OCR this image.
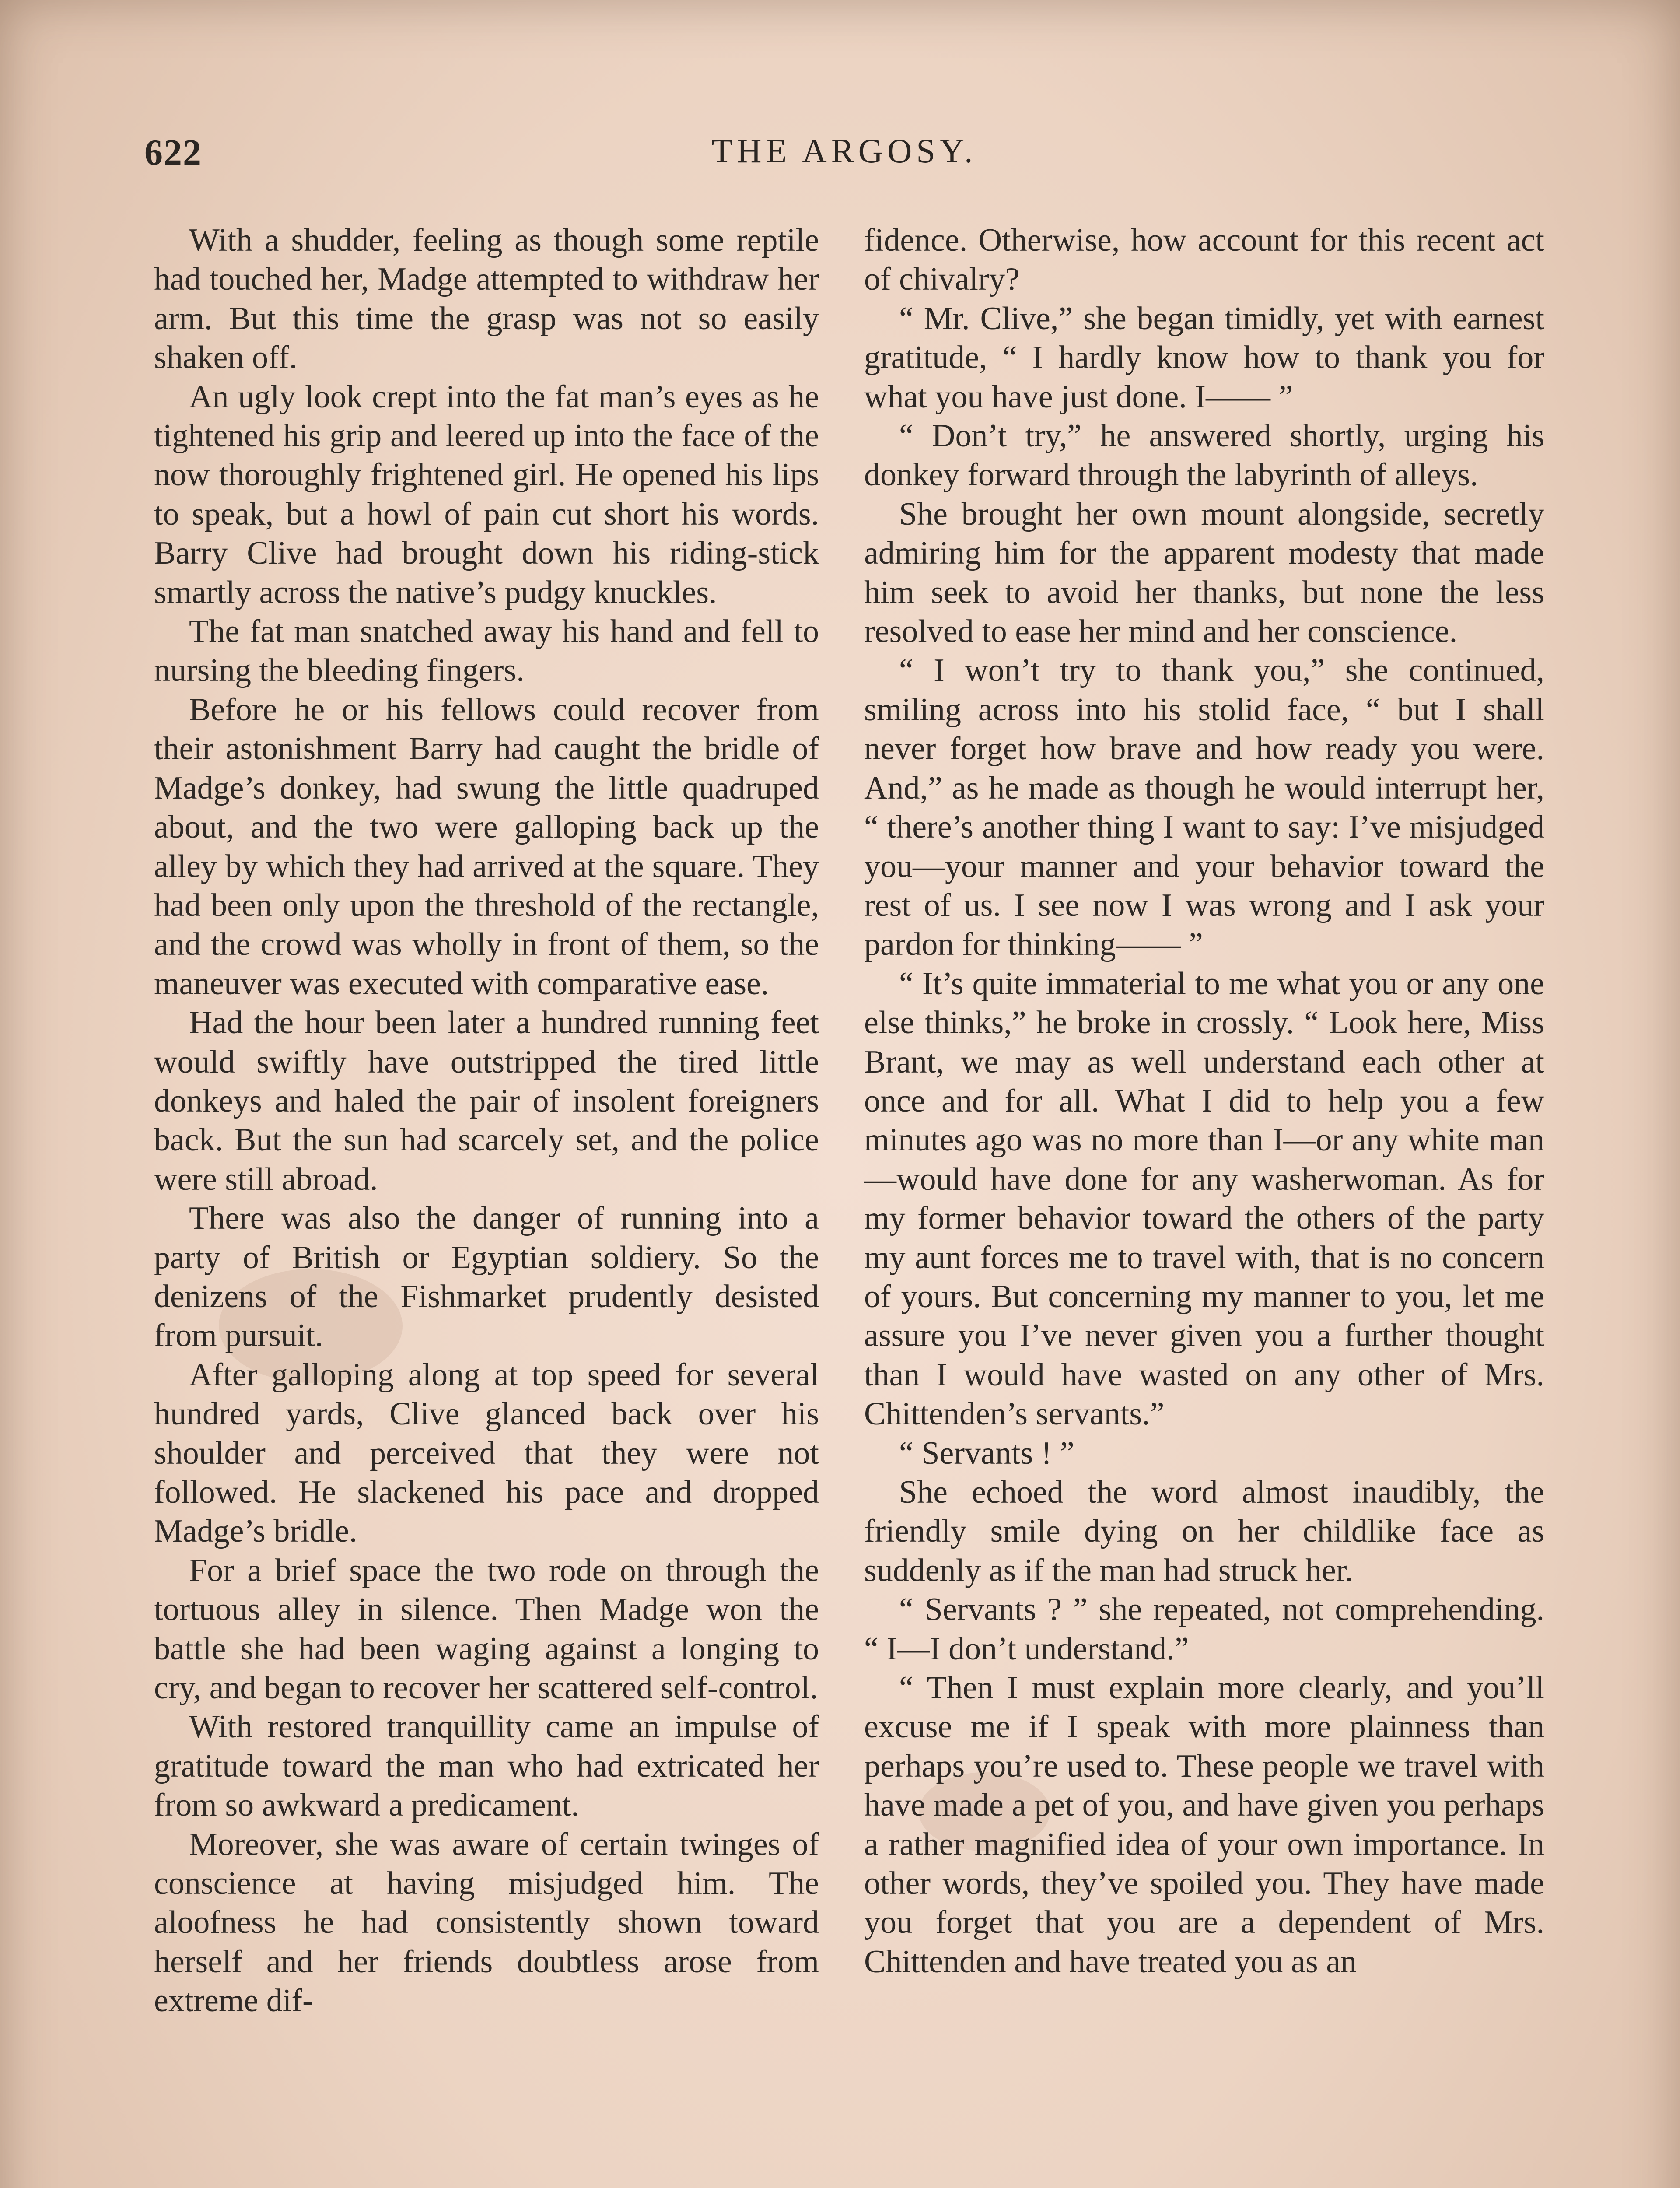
622	THE ARGOSY.

With a shudder, feeling as though some reptile had touched her, Madge attempted to withdraw her arm. But this time the grasp was not so easily shaken off.

An ugly look crept into the fat man’s eyes as he tightened his grip and leered up into the face of the now thoroughly frightened girl. He opened his lips to speak, but a howl of pain cut short his words. Barry Clive had brought down his riding-stick smartly across the native’s pudgy knuckles.

The fat man snatched away his hand and fell to nursing the bleeding fingers.

Before he or his fellows could recover from their astonishment Barry had caught the bridle of Madge’s donkey, had swung the little quadruped about, and the two were galloping back up the alley by which they had arrived at the square. They had been only upon the threshold of the rectangle, and the crowd was wholly in front of them, so the maneuver was executed with comparative ease.

Had the hour been later a hundred running feet would swiftly have outstripped the tired little donkeys and haled the pair of insolent foreigners back. But the sun had scarcely set, and the police were still abroad.

There was also the danger of running into a party of British or Egyptian soldiery. So the denizens of the Fishmarket prudently desisted from pursuit.

After galloping along at top speed for several hundred yards, Clive glanced back over his shoulder and perceived that they were not followed. He slackened his pace and dropped Madge’s bridle.

For a brief space the two rode on through the tortuous alley in silence. Then Madge won the battle she had been waging against a longing to cry, and began to recover her scattered self-control.

With restored tranquillity came an impulse of gratitude toward the man who had extricated her from so awkward a predicament.

Moreover, she was aware of certain twinges of conscience at having misjudged him. The aloofness he had consistently shown toward herself and her friends doubtless arose from extreme dif-

fidence. Otherwise, how account for this recent act of chivalry?

“ Mr. Clive,” she began timidly, yet with earnest gratitude, “ I hardly know how to thank you for what you have just done. I—— ”

“ Don’t try,” he answered shortly, urging his donkey forward through the labyrinth of alleys.

She brought her own mount alongside, secretly admiring him for the apparent modesty that made him seek to avoid her thanks, but none the less resolved to ease her mind and her conscience.

“ I won’t try to thank you,” she continued, smiling across into his stolid face, “ but I shall never forget how brave and how ready you were. And,” as he made as though he would interrupt her, “ there’s another thing I want to say: I’ve misjudged you—your manner and your behavior toward the rest of us. I see now I was wrong and I ask your pardon for thinking—— ”

“ It’s quite immaterial to me what you or any one else thinks,” he broke in crossly. “ Look here, Miss Brant, we may as well understand each other at once and for all. What I did to help you a few minutes ago was no more than I—or any white man—would have done for any washerwoman. As for my former behavior toward the others of the party my aunt forces me to travel with, that is no concern of yours. But concerning my manner to you, let me assure you I’ve never given you a further thought than I would have wasted on any other of Mrs. Chittenden’s servants.”

“ Servants ! ”

She echoed the word almost inaudibly, the friendly smile dying on her childlike face as suddenly as if the man had struck her.

“ Servants ? ” she repeated, not comprehending. “ I—I don’t understand.”

“ Then I must explain more clearly, and you’ll excuse me if I speak with more plainness than perhaps you’re used to. These people we travel with have made a pet of you, and have given you perhaps a rather magnified idea of your own importance. In other words, they’ve spoiled you. They have made you forget that you are a dependent of Mrs. Chittenden and have treated you as an
